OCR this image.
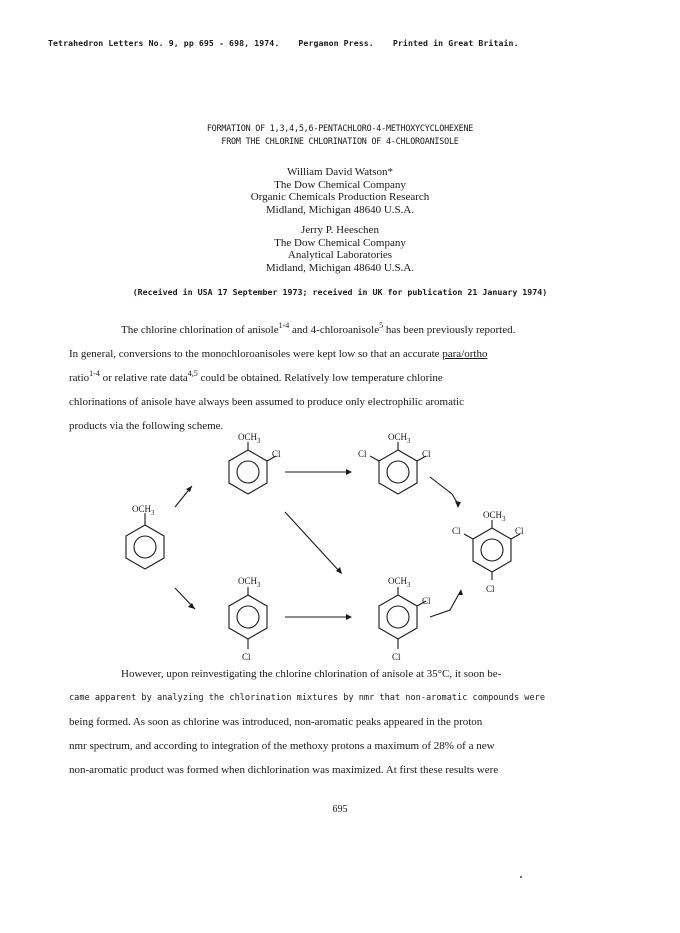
Tetrahedron Letters No. 9, pp 695 - 698, 1974. Pergamon Press. Printed in Great Britain.
FORMATION OF 1,3,4,5,6-PENTACHLORO-4-METHOXYCYCLOHEXENE
FROM THE CHLORINE CHLORINATION OF 4-CHLOROANISOLE
William David Watson*
The Dow Chemical Company
Organic Chemicals Production Research
Midland, Michigan 48640 U.S.A.
Jerry P. Heeschen
The Dow Chemical Company
Analytical Laboratories
Midland, Michigan 48640 U.S.A.
(Received in USA 17 September 1973; received in UK for publication 21 January 1974)
The chlorine chlorination of anisole$^{1-4}$ and 4-chloroanisole$^5$ has been previously reported.
In general, conversions to the monochloroanisoles were kept low so that an accurate para/ortho
ratio$^{1-4}$ or relative rate data$^{4,5}$ could be obtained. Relatively low temperature chlorine
chlorinations of anisole have always been assumed to produce only electrophilic aromatic
products via the following scheme.
$OCH_3$
$OCH_3$
Cl
$OCH_3$
Cl
Cl
$OCH_3$
Cl
Cl
Cl
$OCH_3$
Cl
$OCH_3$
Cl
Cl
However, upon reinvestigating the chlorine chlorination of anisole at 35°C, it soon be-
came apparent by analyzing the chlorination mixtures by nmr that non-aromatic compounds were
being formed. As soon as chlorine was introduced, non-aromatic peaks appeared in the proton
nmr spectrum, and according to integration of the methoxy protons a maximum of 28% of a new
non-aromatic product was formed when dichlorination was maximized. At first these results were
695
